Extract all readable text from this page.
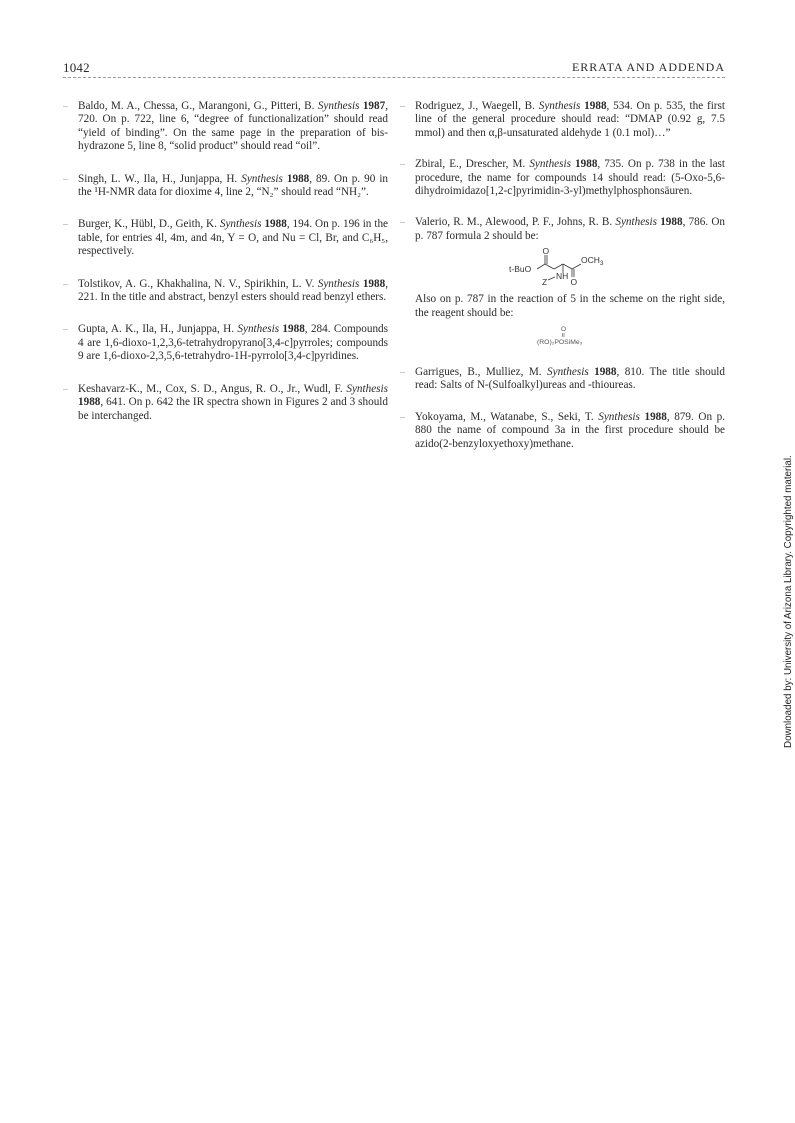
1042	ERRATA AND ADDENDA
– Baldo, M. A., Chessa, G., Marangoni, G., Pitteri, B. Synthesis 1987, 720. On p. 722, line 6, “degree of functionalization” should read “yield of binding”. On the same page in the preparation of bis-hydrazone 5, line 8, “solid product” should read “oil”.

– Singh, L. W., Ila, H., Junjappa, H. Synthesis 1988, 89. On p. 90 in the ¹H-NMR data for dioxime 4, line 2, “N₂” should read “NH₂”.

– Burger, K., Hübl, D., Geith, K. Synthesis 1988, 194. On p. 196 in the table, for entries 4l, 4m, and 4n, Y = O, and Nu = Cl, Br, and C₆H₅, respectively.

– Tolstikov, A. G., Khakhalina, N. V., Spirikhin, L. V. Synthesis 1988, 221. In the title and abstract, benzyl esters should read benzyl ethers.

– Gupta, A. K., Ila, H., Junjappa, H. Synthesis 1988, 284. Compounds 4 are 1,6-dioxo-1,2,3,6-tetrahydropyrano[3,4-c]pyrroles; compounds 9 are 1,6-dioxo-2,3,5,6-tetrahydro-1H-pyrrolo[3,4-c]pyridines.

– Keshavarz-K., M., Cox, S. D., Angus, R. O., Jr., Wudl, F. Synthesis 1988, 641. On p. 642 the IR spectra shown in Figures 2 and 3 should be interchanged.

– Rodriguez, J., Waegell, B. Synthesis 1988, 534. On p. 535, the first line of the general procedure should read: “DMAP (0.92 g, 7.5 mmol) and then α,β-unsaturated aldehyde 1 (0.1 mol)…”

– Zbiral, E., Drescher, M. Synthesis 1988, 735. On p. 738 in the last procedure, the name for compounds 14 should read: (5-Oxo-5,6-dihydroimidazo[1,2-c]pyrimidin-3-yl)methylphosphonsäuren.

– Valerio, R. M., Alewood, P. F., Johns, R. B. Synthesis 1988, 786. On p. 787 formula 2 should be:

t-BuO
O
$OCH_3$
NH
O
Z

Also on p. 787 in the reaction of 5 in the scheme on the right side, the reagent should be:

O
(RO)₂POSiMe₃
– Garrigues, B., Mulliez, M. Synthesis 1988, 810. The title should read: Salts of N-(Sulfoalkyl)ureas and -thioureas.

– Yokoyama, M., Watanabe, S., Seki, T. Synthesis 1988, 879. On p. 880 the name of compound 3a in the first procedure should be azido(2-benzyloxyethoxy)methane.

Downloaded by: University of Arizona Library. Copyrighted material.
